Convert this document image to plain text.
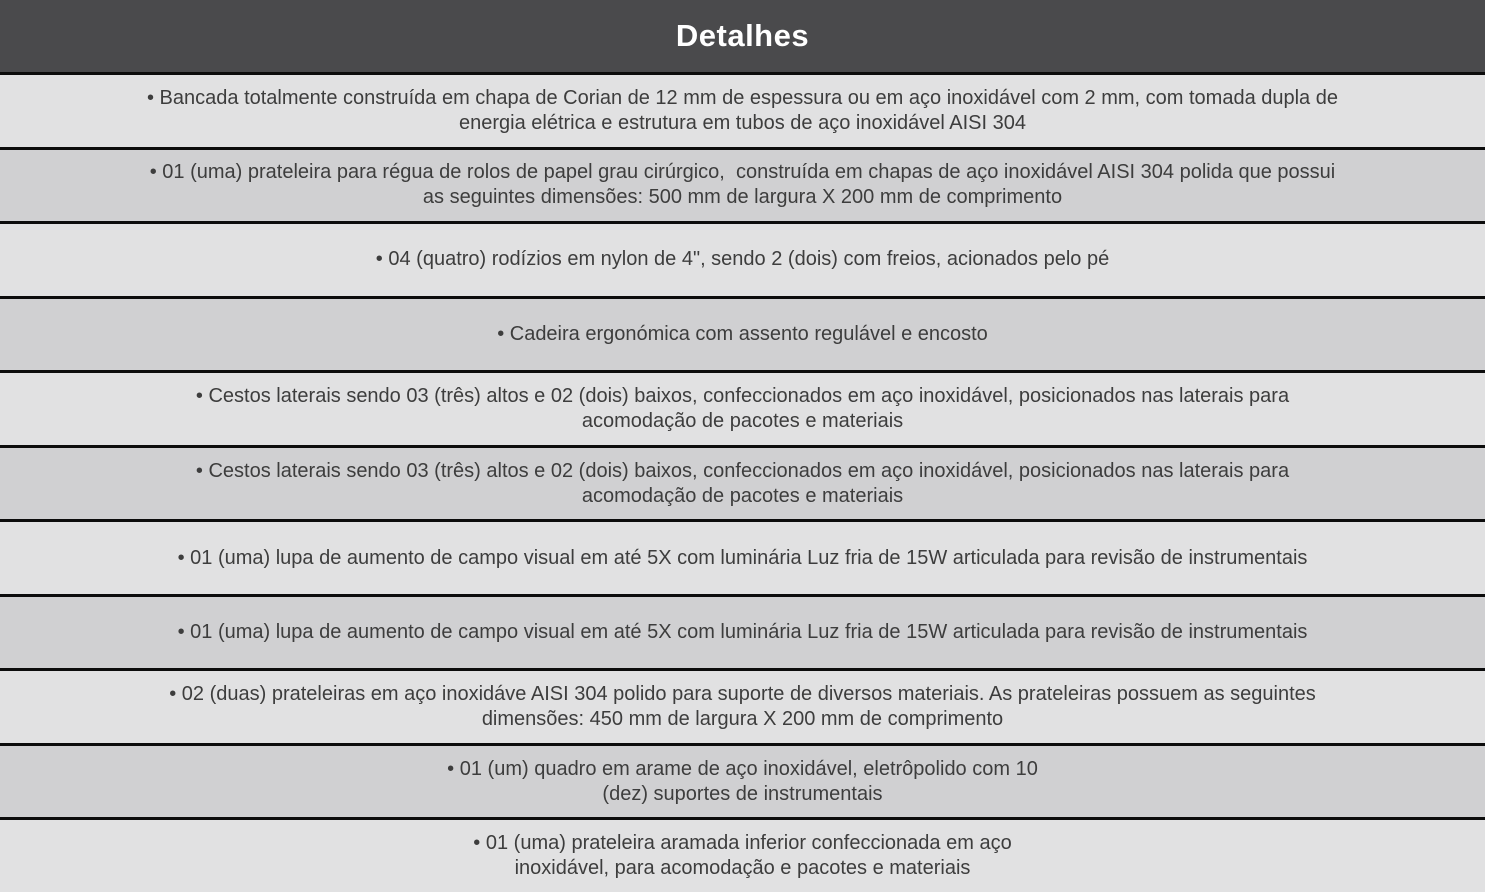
Detalhes
• Bancada totalmente construída em chapa de Corian de 12 mm de espessura ou em aço inoxidável com 2 mm, com tomada dupla de
energia elétrica e estrutura em tubos de aço inoxidável AISI 304
• 01 (uma) prateleira para régua de rolos de papel grau cirúrgico,  construída em chapas de aço inoxidável AISI 304 polida que possui
as seguintes dimensões: 500 mm de largura X 200 mm de comprimento
• 04 (quatro) rodízios em nylon de 4", sendo 2 (dois) com freios, acionados pelo pé
• Cadeira ergonómica com assento regulável e encosto
• Cestos laterais sendo 03 (três) altos e 02 (dois) baixos, confeccionados em aço inoxidável, posicionados nas laterais para
acomodação de pacotes e materiais
• Cestos laterais sendo 03 (três) altos e 02 (dois) baixos, confeccionados em aço inoxidável, posicionados nas laterais para
acomodação de pacotes e materiais
• 01 (uma) lupa de aumento de campo visual em até 5X com luminária Luz fria de 15W articulada para revisão de instrumentais
• 01 (uma) lupa de aumento de campo visual em até 5X com luminária Luz fria de 15W articulada para revisão de instrumentais
• 02 (duas) prateleiras em aço inoxidáve AISI 304 polido para suporte de diversos materiais. As prateleiras possuem as seguintes
dimensões: 450 mm de largura X 200 mm de comprimento
• 01 (um) quadro em arame de aço inoxidável, eletrôpolido com 10
(dez) suportes de instrumentais
• 01 (uma) prateleira aramada inferior confeccionada em aço
inoxidável, para acomodação e pacotes e materiais
